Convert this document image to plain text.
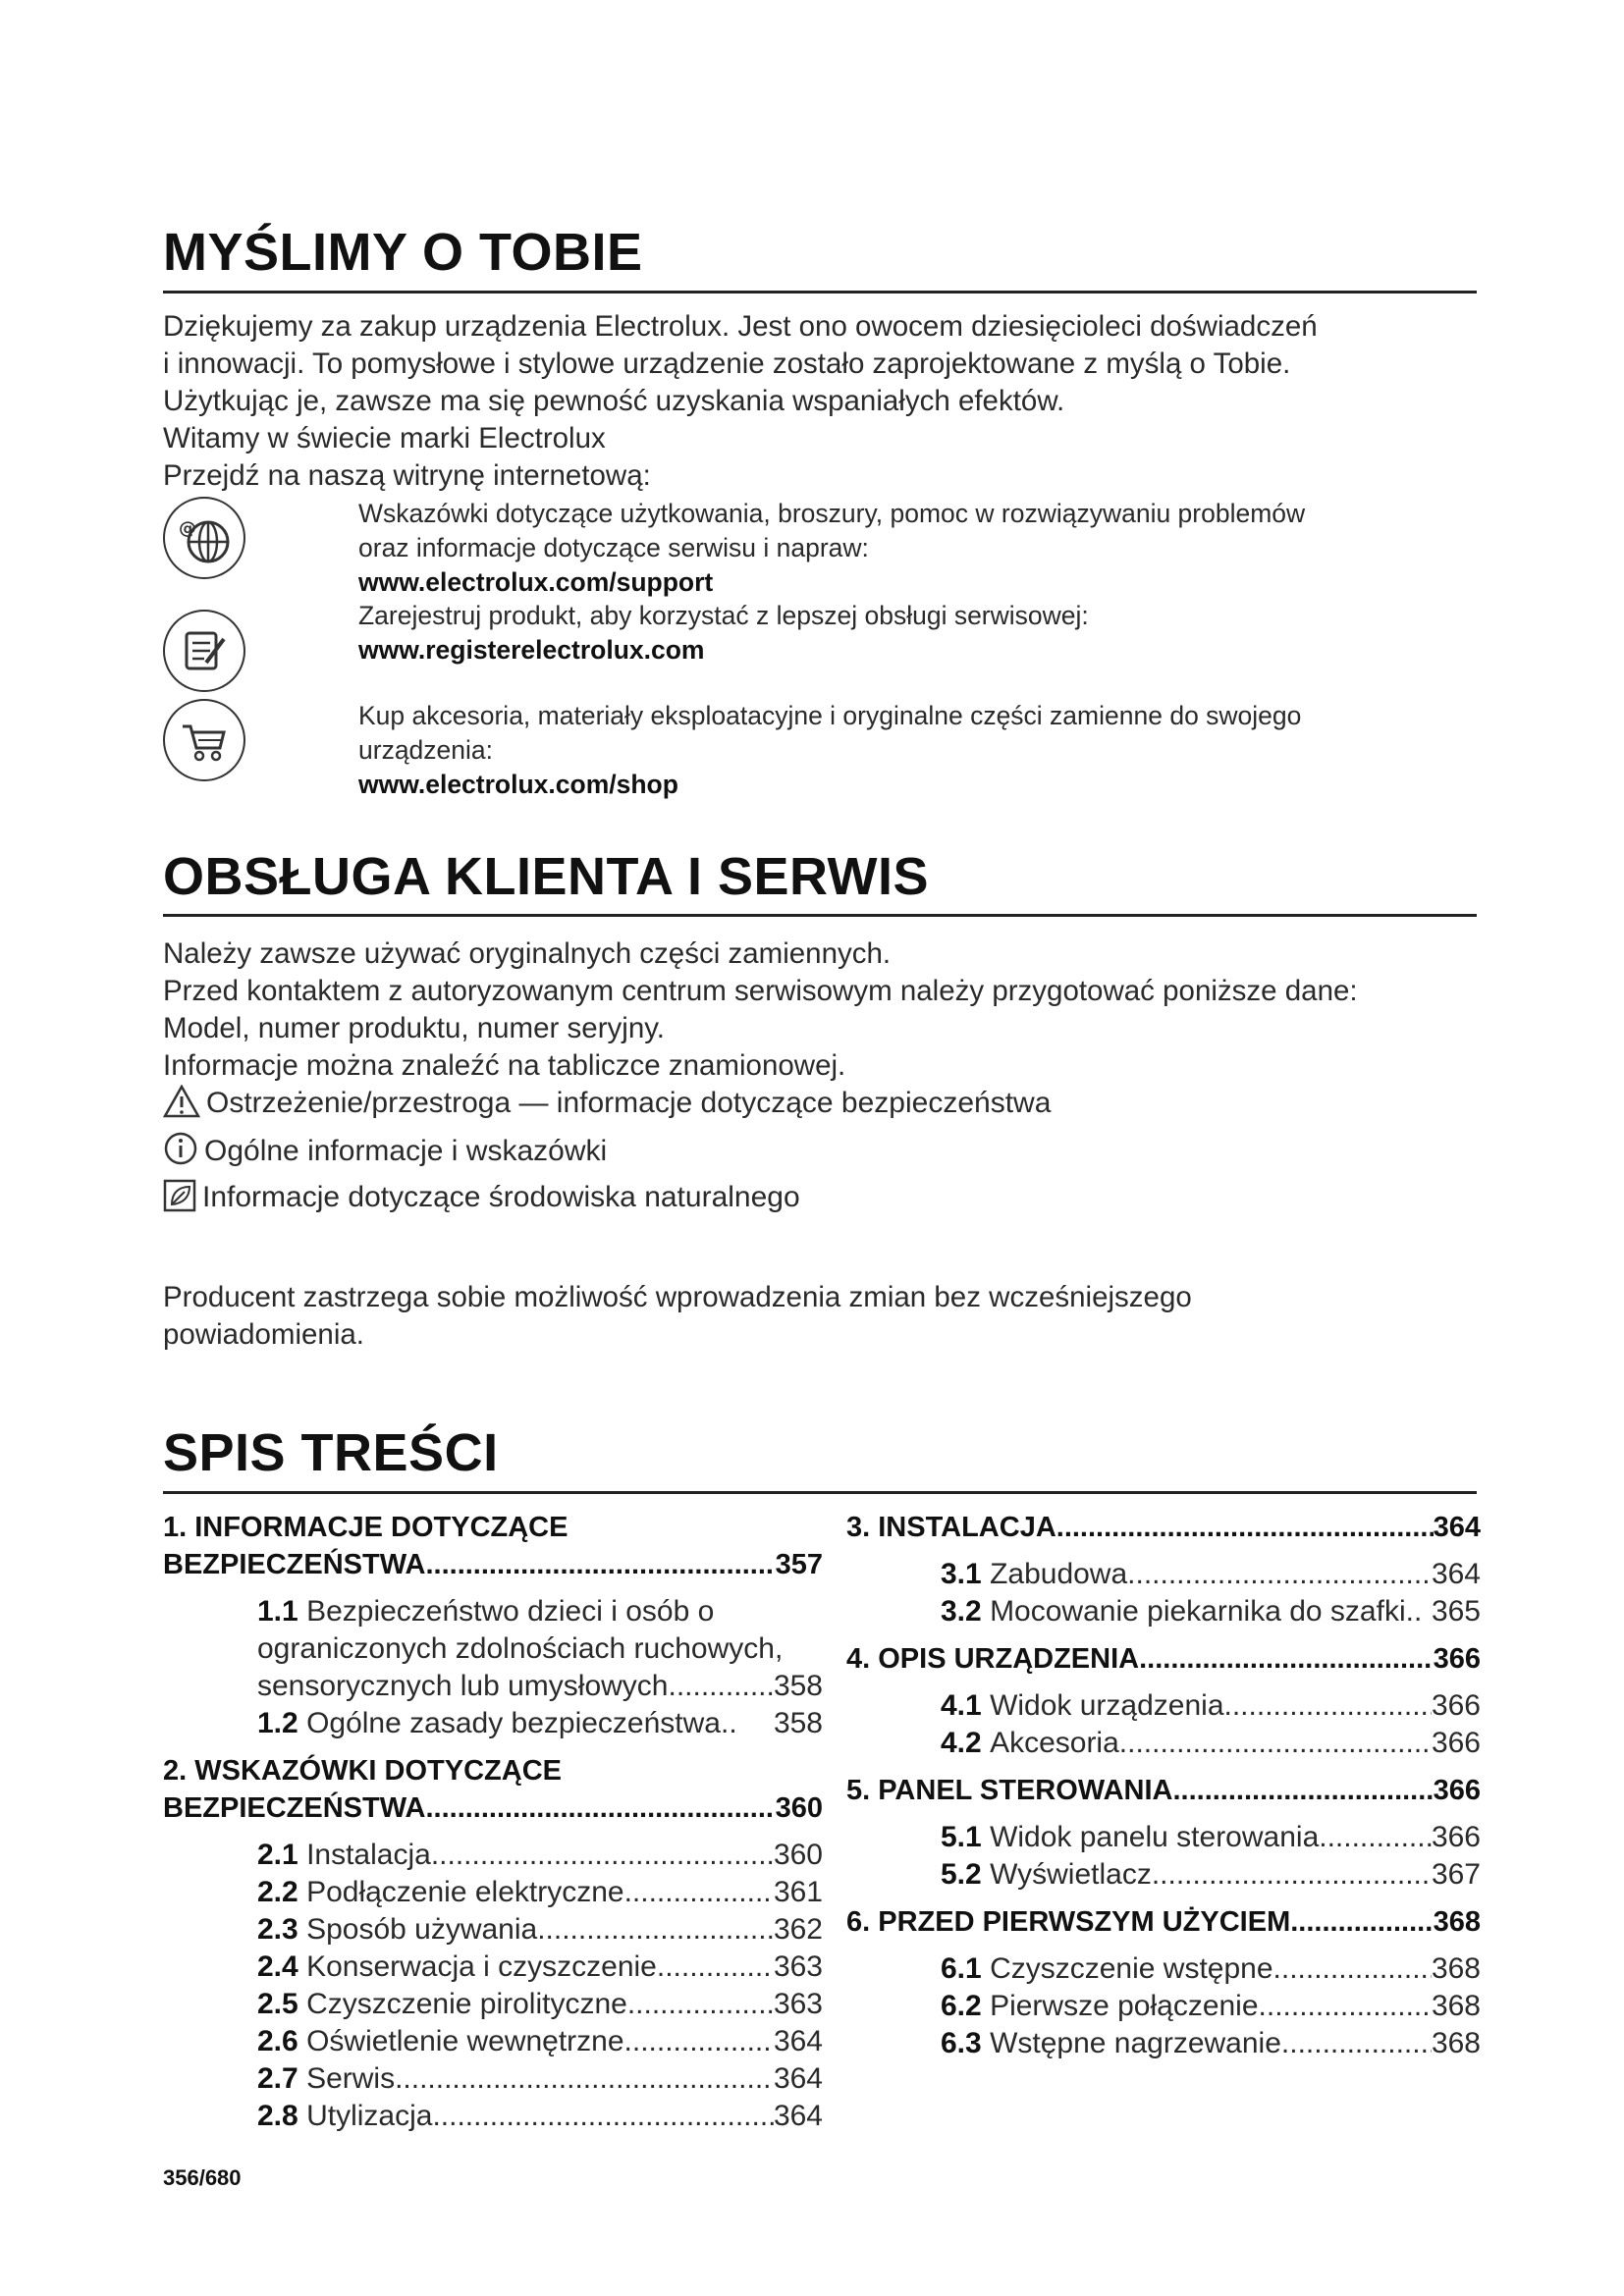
MYŚLIMY O TOBIE
Dziękujemy za zakup urządzenia Electrolux. Jest ono owocem dziesięcioleci doświadczeń
i innowacji. To pomysłowe i stylowe urządzenie zostało zaprojektowane z myślą o Tobie.
Użytkując je, zawsze ma się pewność uzyskania wspaniałych efektów.
Witamy w świecie marki Electrolux
Przejdź na naszą witrynę internetową:
@
Wskazówki dotyczące użytkowania, broszury, pomoc w rozwiązywaniu problemów
oraz informacje dotyczące serwisu i napraw:
www.electrolux.com/support
Zarejestruj produkt, aby korzystać z lepszej obsługi serwisowej:
www.registerelectrolux.com
Kup akcesoria, materiały eksploatacyjne i oryginalne części zamienne do swojego
urządzenia:
www.electrolux.com/shop
OBSŁUGA KLIENTA I SERWIS
Należy zawsze używać oryginalnych części zamiennych.
Przed kontaktem z autoryzowanym centrum serwisowym należy przygotować poniższe dane:
Model, numer produktu, numer seryjny.
Informacje można znaleźć na tabliczce znamionowej.
Ostrzeżenie/przestroga — informacje dotyczące bezpieczeństwa
Ogólne informacje i wskazówki
Informacje dotyczące środowiska naturalnego
Producent zastrzega sobie możliwość wprowadzenia zmian bez wcześniejszego
powiadomienia.
SPIS TREŚCI
1. INFORMACJE DOTYCZĄCE
BEZPIECZEŃSTWA .....	357
1.1 Bezpieczeństwo dzieci i osób o
ograniczonych zdolnościach ruchowych,
sensorycznych lub umysłowych .....	358
1.2
Ogólne zasady bezpieczeństwa.. 358
2. WSKAZÓWKI DOTYCZĄCE
BEZPIECZEŃSTWA .....	360
2.1
Instalacja .....	360
2.2
Podłączenie elektryczne .....	361
2.3
Sposób używania .....	362
2.4
Konserwacja i czyszczenie .....	363
2.5
Czyszczenie pirolityczne .....	363
2.6
Oświetlenie wewnętrzne .....	364
2.7
Serwis .....	364
2.8
Utylizacja .....	364
3. INSTALACJA .....	364
3.1
Zabudowa .....	364
3.2
Mocowanie piekarnika do szafki.. 365
4. OPIS URZĄDZENIA .....	366
4.1
Widok urządzenia .....	366
4.2
Akcesoria .....	366
5. PANEL STEROWANIA .....	366
5.1
Widok panelu sterowania .....	366
5.2
Wyświetlacz .....	367
6. PRZED PIERWSZYM UŻYCIEM .....	368
6.1
Czyszczenie wstępne .....	368
6.2
Pierwsze połączenie .....	368
6.3
Wstępne nagrzewanie .....	368
356/680
